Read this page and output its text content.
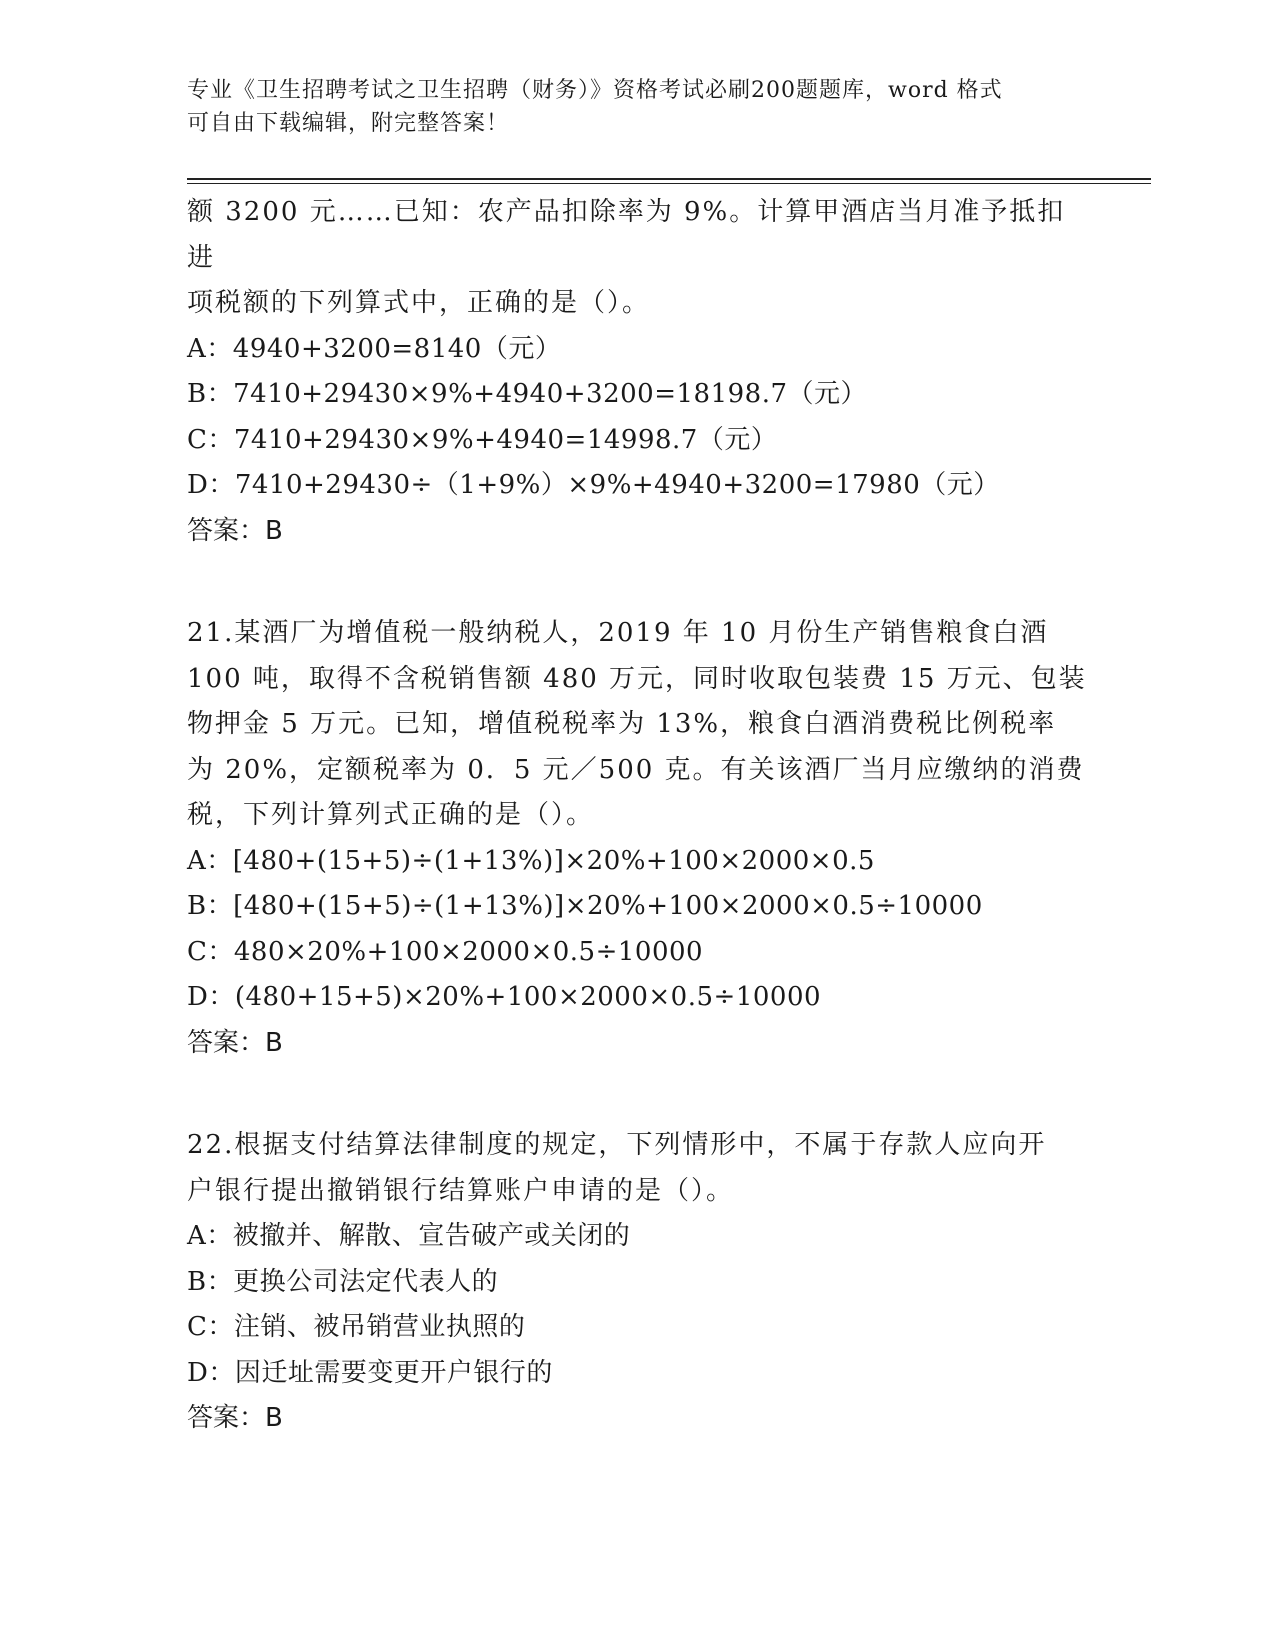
专业《卫生招聘考试之卫生招聘（财务）》资格考试必刷200题题库，word 格式
可自由下载编辑，附完整答案！
额 3200 元……已知：农产品扣除率为 9%。计算甲酒店当月准予抵扣进
项税额的下列算式中，正确的是（）。
A：4940+3200=8140（元）
B：7410+29430×9%+4940+3200=18198.7（元）
C：7410+29430×9%+4940=14998.7（元）
D：7410+29430÷（1+9%）×9%+4940+3200=17980（元）
答案：B
21.某酒厂为增值税一般纳税人，2019 年 10 月份生产销售粮食白酒
100 吨，取得不含税销售额 480 万元，同时收取包装费 15 万元、包装
物押金 5 万元。已知，增值税税率为 13%，粮食白酒消费税比例税率
为 20%，定额税率为 0．5 元／500 克。有关该酒厂当月应缴纳的消费
税，下列计算列式正确的是（）。
A：[480+(15+5)÷(1+13%)]×20%+100×2000×0.5
B：[480+(15+5)÷(1+13%)]×20%+100×2000×0.5÷10000
C：480×20%+100×2000×0.5÷10000
D：(480+15+5)×20%+100×2000×0.5÷10000
答案：B
22.根据支付结算法律制度的规定，下列情形中，不属于存款人应向开
户银行提出撤销银行结算账户申请的是（）。
A：被撤并、解散、宣告破产或关闭的
B：更换公司法定代表人的
C：注销、被吊销营业执照的
D：因迁址需要变更开户银行的
答案：B
